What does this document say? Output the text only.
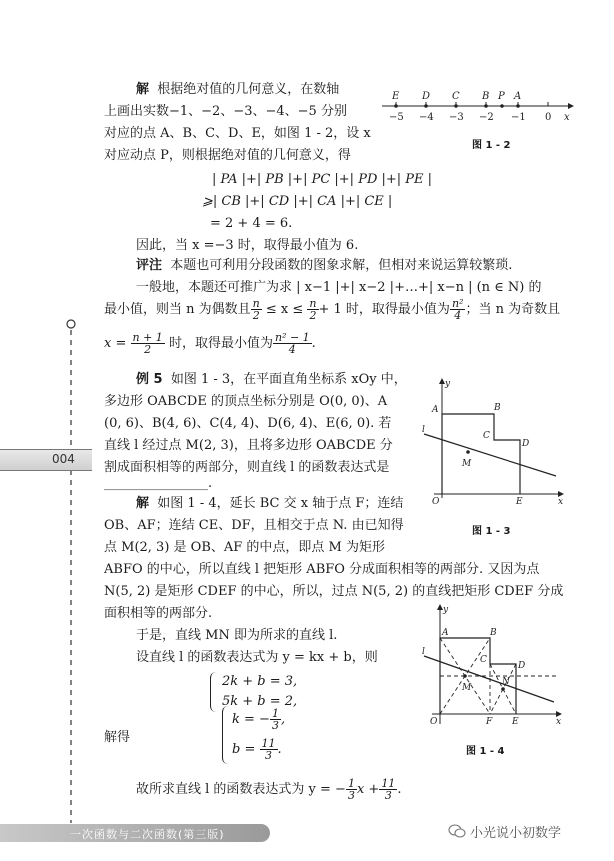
解 根据绝对值的几何意义，在数轴
上画出实数−1、−2、−3、−4、−5 分别
对应的点 A、B、C、D、E，如图 1 - 2，设 x
对应动点 P，则根据绝对值的几何意义，得
| PA |+| PB |+| PC |+| PD |+| PE |
⩾| CB |+| CD |+| CA |+| CE |
= 2 + 4 = 6.
因此，当 x =−3 时，取得最小值为 6.
E D C B P A
x
−5 −4 −3 −2 −1 0
图 1 - 2
评注 本题也可利用分段函数的图象求解，但相对来说运算较繁琐.
一般地，本题还可推广为求 | x−1 |+| x−2 |+…+| x−n | (n ∈ N) 的
最小值，则当 n 为偶数且 $\frac{n}{2} \le x \le \frac{n}{2} + 1$ 时，取得最小值为 $\frac{\text{n²}}{4}$ ；当 n 为奇数且
$x = \frac{n + 1}{2}$ 时，取得最小值为 $\frac{\text{n² − 1}}{4}$ .
例 5 如图 1 - 3，在平面直角坐标系 xOy 中，
多边形 OABCDE 的顶点坐标分别是 O(0, 0)、A
(0, 6)、B(4, 6)、C(4, 4)、D(6, 4)、E(6, 0). 若
直线 l 经过点 M(2, 3)，且将多边形 OABCDE 分
割成面积相等的两部分，则直线 l 的函数表达式是
________________.
y
A	B
C
D
M
O	E	x
l
图 1 - 3
004
解 如图 1 - 4，延长 BC 交 x 轴于点 F；连结
OB、AF；连结 CE、DF，且相交于点 N. 由已知得
点 M(2, 3) 是 OB、AF 的中点，即点 M 为矩形
ABFO 的中心，所以直线 l 把矩形 ABFO 分成面积相等的两部分. 又因为点
N(5, 2) 是矩形 CDEF 的中心，所以，过点 N(5, 2) 的直线把矩形 CDEF 分成
面积相等的两部分.
于是，直线 MN 即为所求的直线 l.
设直线 l 的函数表达式为 y = kx + b，则
2k + b = 3,
5k + b = 2,
解得
k = − $\frac{1}{3}$ ,
$b = \frac{11}{3}$ .
故所求直线 l 的函数表达式为 y = − $\frac{1}{3}$ $x + \frac{11}{3}$ .
y
A	B
C
D
N
M
O	F E	x
l
图 1 - 4
一次函数与二次函数(第三版)	小光说小初数学
